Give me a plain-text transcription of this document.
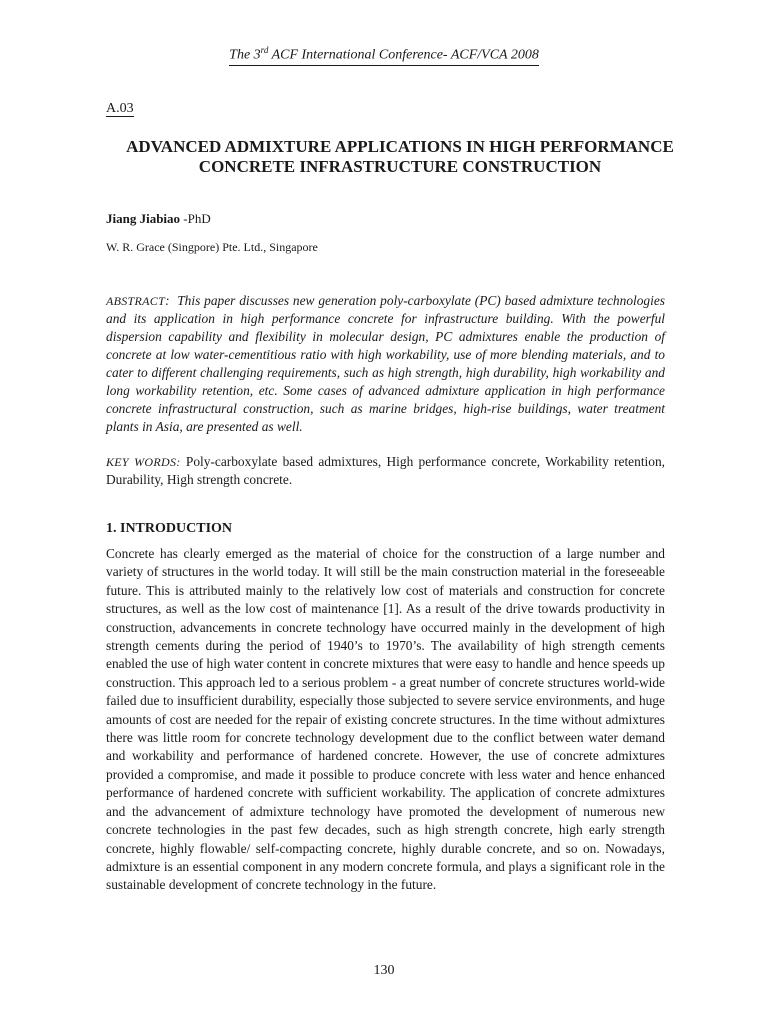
The 3rd ACF International Conference- ACF/VCA 2008
A.03
ADVANCED ADMIXTURE APPLICATIONS IN HIGH PERFORMANCE
CONCRETE INFRASTRUCTURE CONSTRUCTION
Jiang Jiabiao -PhD
W. R. Grace (Singpore) Pte. Ltd., Singapore
ABSTRACT: This paper discusses new generation poly-carboxylate (PC) based admixture technologies and its application in high performance concrete for infrastructure building. With the powerful dispersion capability and flexibility in molecular design, PC admixtures enable the production of concrete at low water-cementitious ratio with high workability, use of more blending materials, and to cater to different challenging requirements, such as high strength, high durability, high workability and long workability retention, etc. Some cases of advanced admixture application in high performance concrete infrastructural construction, such as marine bridges, high-rise buildings, water treatment plants in Asia, are presented as well.
KEY WORDS: Poly-carboxylate based admixtures, High performance concrete, Workability retention, Durability, High strength concrete.
1. INTRODUCTION
Concrete has clearly emerged as the material of choice for the construction of a large number and variety of structures in the world today. It will still be the main construction material in the foreseeable future. This is attributed mainly to the relatively low cost of materials and construction for concrete structures, as well as the low cost of maintenance [1]. As a result of the drive towards productivity in construction, advancements in concrete technology have occurred mainly in the development of high strength cements during the period of 1940’s to 1970’s. The availability of high strength cements enabled the use of high water content in concrete mixtures that were easy to handle and hence speeds up construction. This approach led to a serious problem - a great number of concrete structures world-wide failed due to insufficient durability, especially those subjected to severe service environments, and huge amounts of cost are needed for the repair of existing concrete structures. In the time without admixtures there was little room for concrete technology development due to the conflict between water demand and workability and performance of hardened concrete. However, the use of concrete admixtures provided a compromise, and made it possible to produce concrete with less water and hence enhanced performance of hardened concrete with sufficient workability. The application of concrete admixtures and the advancement of admixture technology have promoted the development of numerous new concrete technologies in the past few decades, such as high strength concrete, high early strength concrete, highly flowable/ self-compacting concrete, highly durable concrete, and so on. Nowadays, admixture is an essential component in any modern concrete formula, and plays a significant role in the sustainable development of concrete technology in the future.
130
